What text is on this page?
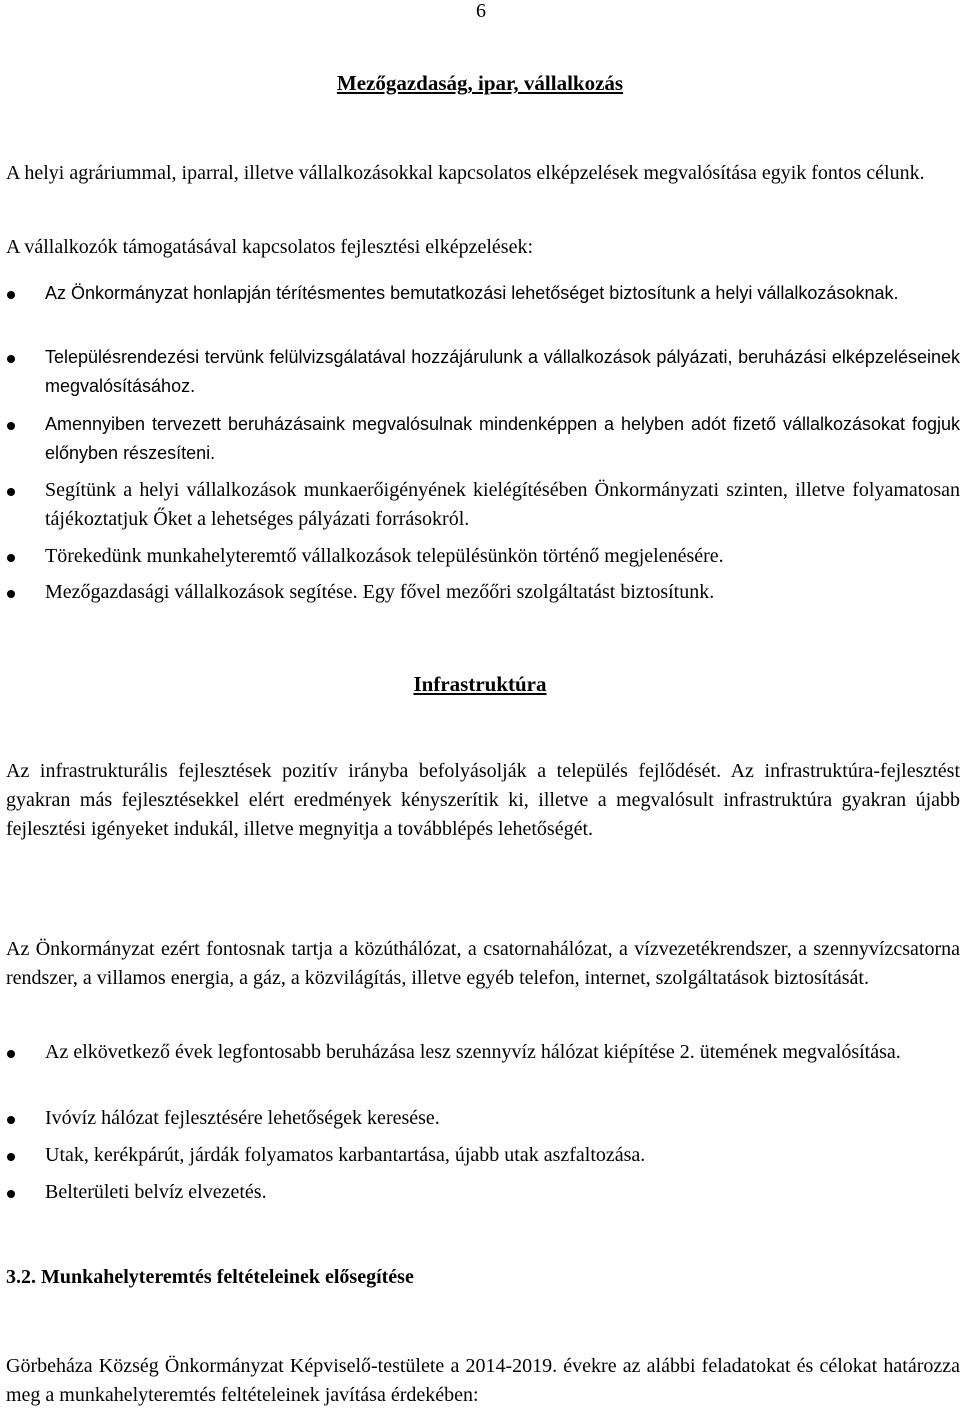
6
Mezőgazdaság, ipar, vállalkozás

A helyi agráriummal, iparral, illetve vállalkozásokkal kapcsolatos elképzelések megvalósítása egyik fontos célunk.

A vállalkozók támogatásával kapcsolatos fejlesztési elképzelések:

Az Önkormányzat honlapján térítésmentes bemutatkozási lehetőséget biztosítunk a helyi vállalkozásoknak.
Településrendezési tervünk felülvizsgálatával hozzájárulunk a vállalkozások pályázati, beruházási elképzeléseinek megvalósításához.
Amennyiben tervezett beruházásaink megvalósulnak mindenképpen a helyben adót fizető vállalkozásokat fogjuk előnyben részesíteni.
Segítünk a helyi vállalkozások munkaerőigényének kielégítésében Önkormányzati szinten, illetve folyamatosan tájékoztatjuk Őket a lehetséges pályázati forrásokról.
Törekedünk munkahelyteremtő vállalkozások településünkön történő megjelenésére.
Mezőgazdasági vállalkozások segítése. Egy fővel mezőőri szolgáltatást biztosítunk.
Infrastruktúra

Az infrastrukturális fejlesztések pozitív irányba befolyásolják a település fejlődését. Az infrastruktúra-fejlesztést gyakran más fejlesztésekkel elért eredmények kényszerítik ki, illetve a megvalósult infrastruktúra gyakran újabb fejlesztési igényeket indukál, illetve megnyitja a továbblépés lehetőségét.

Az Önkormányzat ezért fontosnak tartja a közúthálózat, a csatornahálózat, a vízvezetékrendszer, a szennyvízcsatorna rendszer, a villamos energia, a gáz, a közvilágítás, illetve egyéb telefon, internet, szolgáltatások biztosítását.

Az elkövetkező évek legfontosabb beruházása lesz szennyvíz hálózat kiépítése 2. ütemének megvalósítása.
Ivóvíz hálózat fejlesztésére lehetőségek keresése.
Utak, kerékpárút, járdák folyamatos karbantartása, újabb utak aszfaltozása.
Belterületi belvíz elvezetés.
3.2. Munkahelyteremtés feltételeinek elősegítése

Görbeháza Község Önkormányzat Képviselő-testülete a 2014-2019. évekre az alábbi feladatokat és célokat határozza meg a munkahelyteremtés feltételeinek javítása érdekében:
